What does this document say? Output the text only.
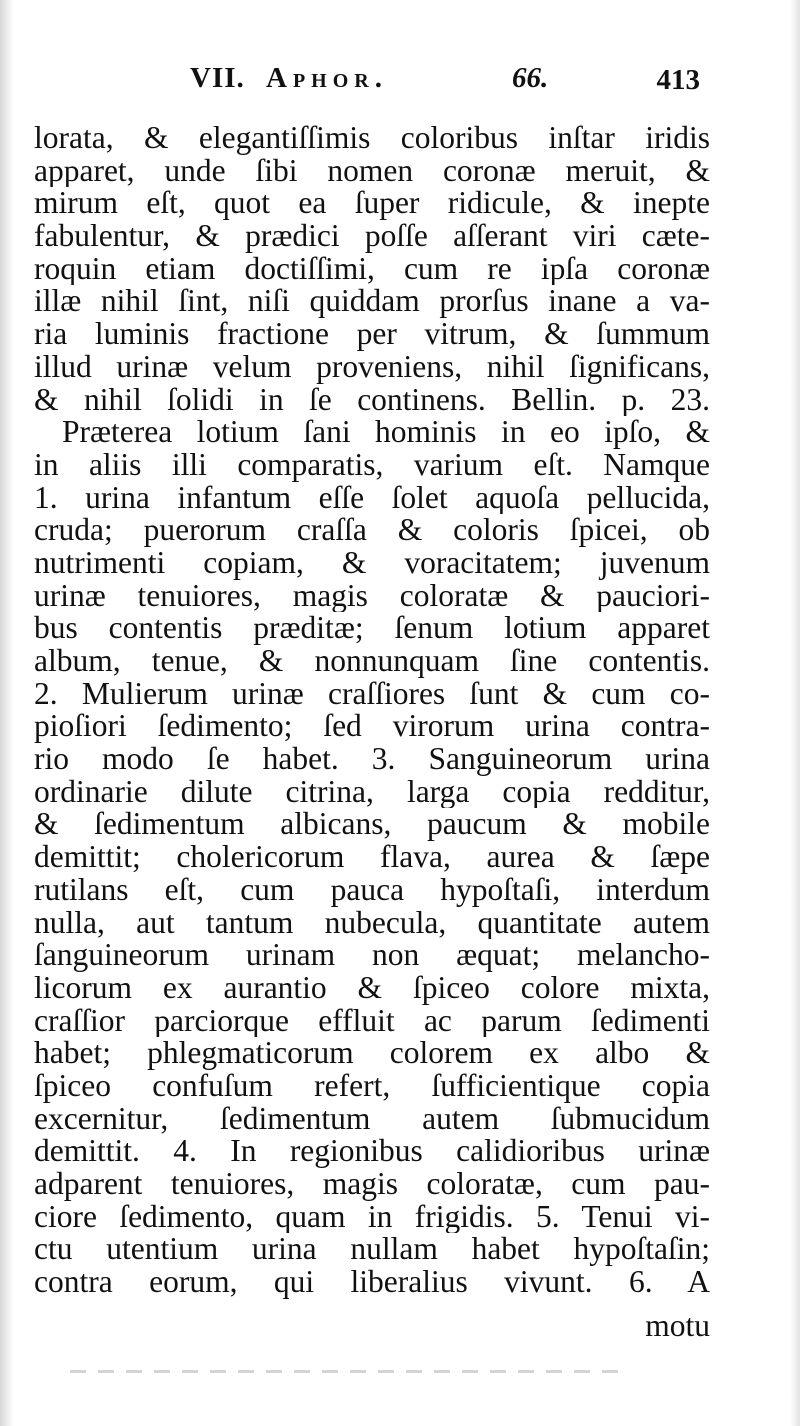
VII. Aphor.	66.	413
lorata, & elegantiſſimis coloribus inſtar iridis
apparet, unde ſibi nomen coronæ meruit, &
mirum eſt, quot ea ſuper ridicule, & inepte
fabulentur, & prædici poſſe aſſerant viri cæte-
roquin etiam doctiſſimi, cum re ipſa coronæ
illæ nihil ſint, niſi quiddam prorſus inane a va-
ria luminis fractione per vitrum, & ſummum
illud urinæ velum proveniens, nihil ſignificans,
& nihil ſolidi in ſe continens. Bellin. p. 23.
Præterea lotium ſani hominis in eo ipſo, &
in aliis illi comparatis, varium eſt. Namque
1. urina infantum eſſe ſolet aquoſa pellucida,
cruda; puerorum craſſa & coloris ſpicei, ob
nutrimenti copiam, & voracitatem; juvenum
urinæ tenuiores, magis coloratæ & pauciori-
bus contentis præditæ; ſenum lotium apparet
album, tenue, & nonnunquam ſine contentis.
2. Mulierum urinæ craſſiores ſunt & cum co-
pioſiori ſedimento; ſed virorum urina contra-
rio modo ſe habet. 3. Sanguineorum urina
ordinarie dilute citrina, larga copia redditur,
& ſedimentum albicans, paucum & mobile
demittit; cholericorum flava, aurea & ſæpe
rutilans eſt, cum pauca hypoſtaſi, interdum
nulla, aut tantum nubecula, quantitate autem
ſanguineorum urinam non æquat; melancho-
licorum ex aurantio & ſpiceo colore mixta,
craſſior parciorque effluit ac parum ſedimenti
habet; phlegmaticorum colorem ex albo &
ſpiceo confuſum refert, ſufficientique copia
excernitur, ſedimentum autem ſubmucidum
demittit. 4. In regionibus calidioribus urinæ
adparent tenuiores, magis coloratæ, cum pau-
ciore ſedimento, quam in frigidis. 5. Tenui vi-
ctu utentium urina nullam habet hypoſtaſin;
contra eorum, qui liberalius vivunt. 6. A
motu
